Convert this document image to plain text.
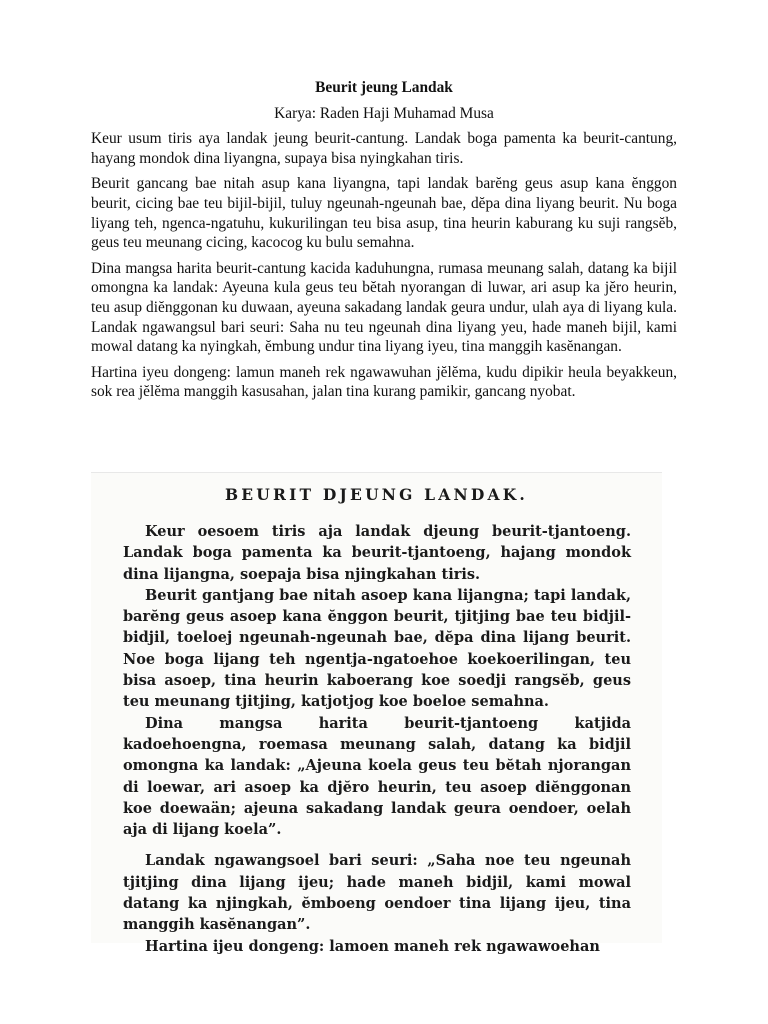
Beurit jeung Landak
Karya: Raden Haji Muhamad Musa

Keur usum tiris aya landak jeung beurit-cantung. Landak boga pamenta ka beurit-cantung, hayang mondok dina liyangna, supaya bisa nyingkahan tiris.

Beurit gancang bae nitah asup kana liyangna, tapi landak barĕng geus asup kana ĕnggon beurit, cicing bae teu bijil-bijil, tuluy ngeunah-ngeunah bae, dĕpa dina liyang beurit. Nu boga liyang teh, ngenca-ngatuhu, kukurilingan teu bisa asup, tina heurin kaburang ku suji rangsĕb, geus teu meunang cicing, kacocog ku bulu semahna.

Dina mangsa harita beurit-cantung kacida kaduhungna, rumasa meunang salah, datang ka bijil omongna ka landak: Ayeuna kula geus teu bĕtah nyorangan di luwar, ari asup ka jĕro heurin, teu asup diĕnggonan ku duwaan, ayeuna sakadang landak geura undur, ulah aya di liyang kula. Landak ngawangsul bari seuri: Saha nu teu ngeunah dina liyang yeu, hade maneh bijil, kami mowal datang ka nyingkah, ĕmbung undur tina liyang iyeu, tina manggih kasĕnangan.

Hartina iyeu dongeng: lamun maneh rek ngawawuhan jĕlĕma, kudu dipikir heula beyakkeun, sok rea jĕlĕma manggih kasusahan, jalan tina kurang pamikir, gancang nyobat.

BEURIT DJEUNG LANDAK.

Keur oesoem tiris aja landak djeung beurit-tjantoeng. Landak boga pamenta ka beurit-tjantoeng, hajang mondok dina lijangna, soepaja bisa njingkahan tiris.

Beurit gantjang bae nitah asoep kana lijangna; tapi landak, barĕng geus asoep kana ĕnggon beurit, tjitjing bae teu bidjil-bidjil, toeloej ngeunah-ngeunah bae, dĕpa dina lijang beurit. Noe boga lijang teh ngentja-ngatoehoe koekoerilingan, teu bisa asoep, tina heurin kaboerang koe soedji rangsĕb, geus teu meunang tjitjing, katjotjog koe boeloe semahna.

Dina mangsa harita beurit-tjantoeng katjida kadoehoengna, roemasa meunang salah, datang ka bidjil omongna ka landak: „Ajeuna koela geus teu bĕtah njorangan di loewar, ari asoep ka djĕro heurin, teu asoep diĕnggonan koe doewaän; ajeuna sakadang landak geura oendoer, oelah aja di lijang koela”.

Landak ngawangsoel bari seuri: „Saha noe teu ngeunah tjitjing dina lijang ijeu; hade maneh bidjil, kami mowal datang ka njingkah, ĕmboeng oendoer tina lijang ijeu, tina manggih kasĕnangan”.

Hartina ijeu dongeng: lamoen maneh rek ngawawoehan
